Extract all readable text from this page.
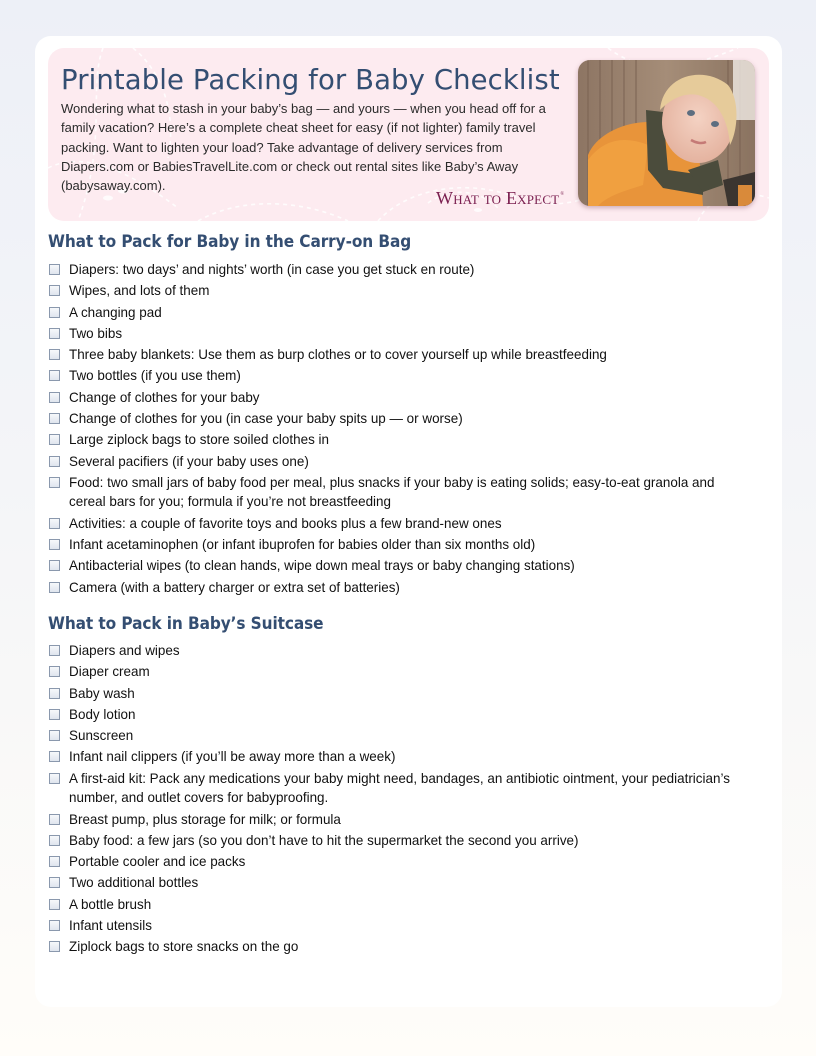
Printable Packing for Baby Checklist

Wondering what to stash in your baby’s bag — and yours — when you head off for a family vacation? Here’s a complete cheat sheet for easy (if not lighter) family travel packing. Want to lighten your load? Take advantage of delivery services from Diapers.com or BabiesTravelLite.com or check out rental sites like Baby’s Away (babysaway.com).

What to Expect®
What to Pack for Baby in the Carry-on Bag
Diapers: two days’ and nights’ worth (in case you get stuck en route)
Wipes, and lots of them
A changing pad
Two bibs
Three baby blankets: Use them as burp clothes or to cover yourself up while breastfeeding
Two bottles (if you use them)
Change of clothes for your baby
Change of clothes for you (in case your baby spits up — or worse)
Large ziplock bags to store soiled clothes in
Several pacifiers (if your baby uses one)
Food: two small jars of baby food per meal, plus snacks if your baby is eating solids; easy-to-eat granola and cereal bars for you; formula if you’re not breastfeeding
Activities: a couple of favorite toys and books plus a few brand-new ones
Infant acetaminophen (or infant ibuprofen for babies older than six months old)
Antibacterial wipes (to clean hands, wipe down meal trays or baby changing stations)
Camera (with a battery charger or extra set of batteries)
What to Pack in Baby’s Suitcase
Diapers and wipes
Diaper cream
Baby wash
Body lotion
Sunscreen
Infant nail clippers (if you’ll be away more than a week)
A first-aid kit: Pack any medications your baby might need, bandages, an antibiotic ointment, your pediatrician’s number, and outlet covers for babyproofing.
Breast pump, plus storage for milk; or formula
Baby food: a few jars (so you don’t have to hit the supermarket the second you arrive)
Portable cooler and ice packs
Two additional bottles
A bottle brush
Infant utensils
Ziplock bags to store snacks on the go
